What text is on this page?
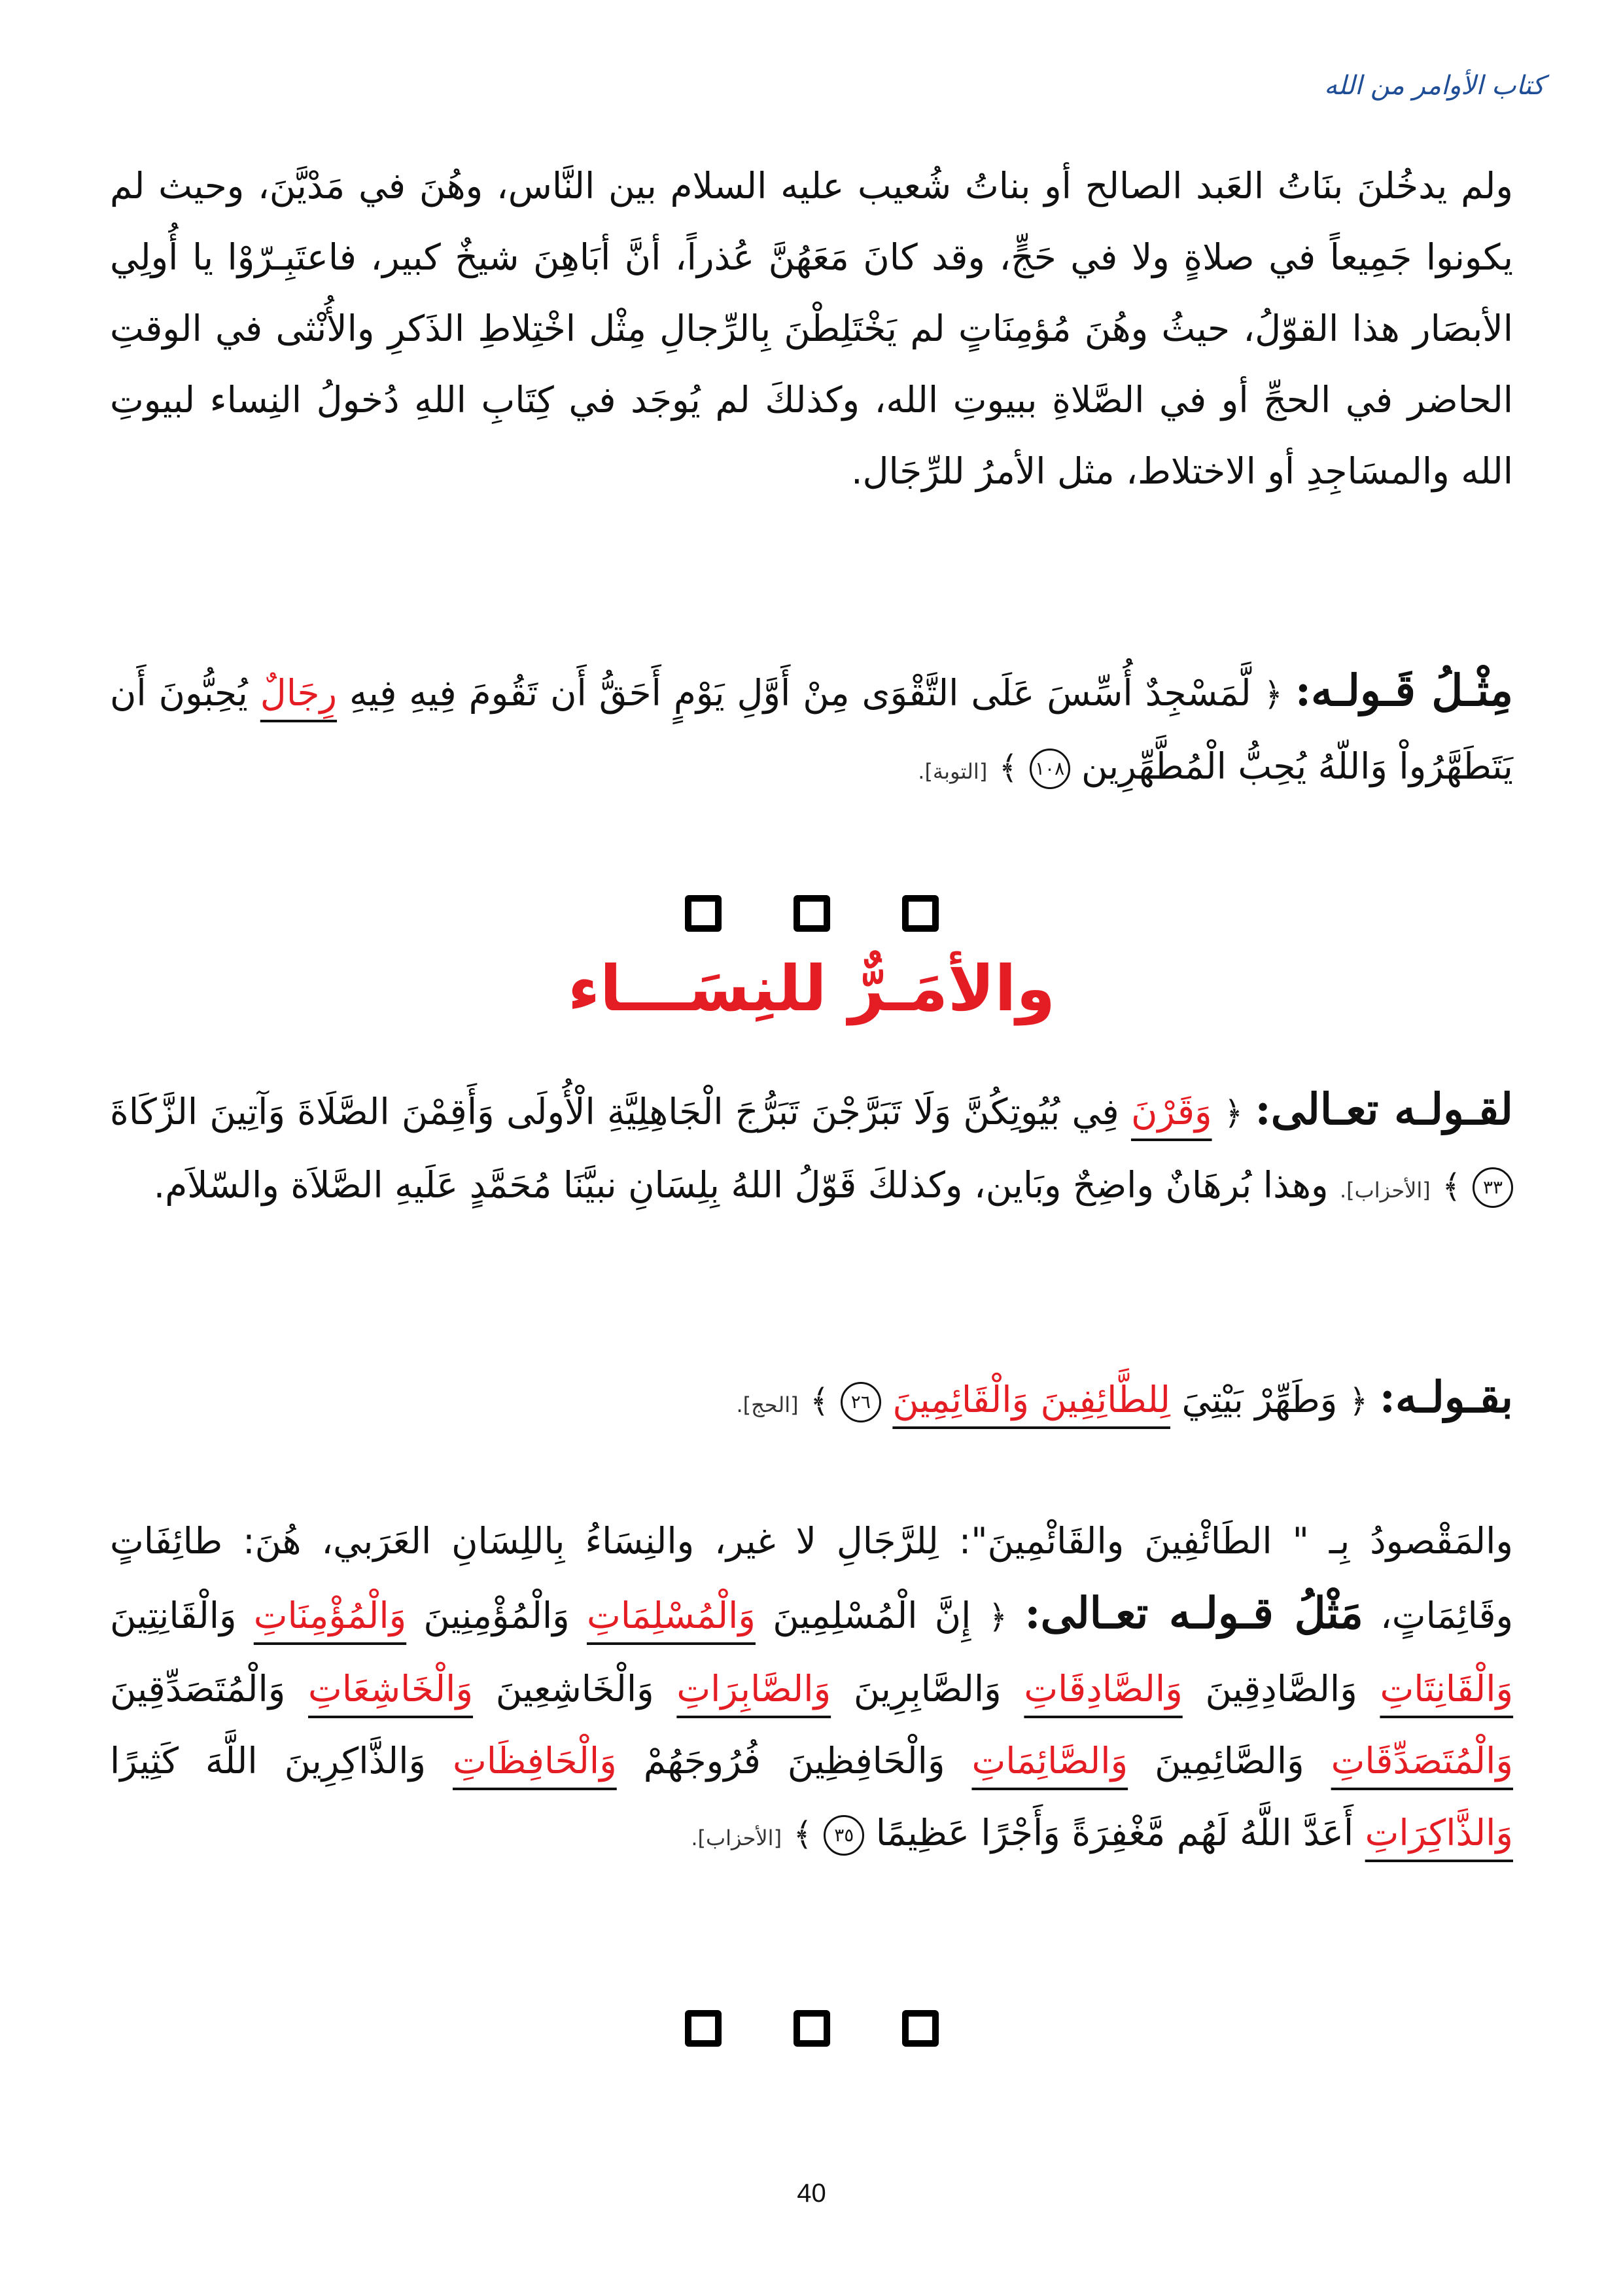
كتاب الأوامر من الله
ولم يدخُلنَ بنَاتُ العَبد الصالح أو بناتُ شُعيب عليه السلام بين النَّاس، وهُنَ في مَدْيَّنَ، وحيث لم يكونوا جَمِيعاً في صلاةٍ ولا في حَجٍّ، وقد كانَ مَعَهُنَّ عُذراً، أنَّ أبَاهِنَ شيخٌ كبير، فاعتَبِـرّوْا يا أُولِي الأبصَار هذا القوّلُ، حيثُ وهُنَ مُؤمِنَاتٍ لم يَخْتَلِطْنَ بِالرِّجالِ مِثْل اخْتِلاطِ الذَكرِ والأُنْثى في الوقتِ الحاضر في الحجِّ أو في الصَّلاةِ ببيوتِ الله، وكذلكَ لم يُوجَد في كِتَابِ اللهِ دُخولُ النِساء لبيوتِ الله والمسَاجِدِ أو الاختلاط، مثل الأمرُ للرِّجَال.
مِثْـلُ قَـولـه: ﴿ لَّمَسْجِدٌ أُسِّسَ عَلَى التَّقْوَى مِنْ أَوَّلِ يَوْمٍ أَحَقُّ أَن تَقُومَ فِيهِ فِيهِ رِجَالٌ يُحِبُّونَ أَن يَتَطَهَّرُواْ وَاللّهُ يُحِبُّ الْمُطَّهِّرِين ١٠٨ ﴾ [التوبة].
والأمَـرٌّ للنِسَـــاء
لقـولـه تعـالى: ﴿ وَقَرْنَ فِي بُيُوتِكُنَّ وَلَا تَبَرَّجْنَ تَبَرُّجَ الْجَاهِلِيَّةِ الْأُولَى وَأَقِمْنَ الصَّلَاةَ وَآتِينَ الزَّكَاةَ ٣٣ ﴾ [الأحزاب]. وهذا بُرهَانٌ واضِحٌ وبَاين، وكذلكَ قَوّلُ اللهُ بِلِسَانِ نبيَّنَا مُحَمَّدٍ عَلَيهِ الصَّلاَة والسّلاَم.
بقـولـه: ﴿ وَطَهِّرْ بَيْتِيَ لِلطَّائِفِينَ وَالْقَائِمِينَ ٢٦ ﴾ [الحج].
والمَقْصودُ بِـ " الطَائْفِينَ والقَائْمِينَ": لِلرَّجَالِ لا غير، والنِسَاءُ بِاللِسَانِ العَرَبي، هُنَ: طائِفَاتٍ وقَائِمَاتٍ، مَثْلُ قـولـه تعـالى: ﴿ إِنَّ الْمُسْلِمِينَ وَالْمُسْلِمَاتِ وَالْمُؤْمِنِينَ وَالْمُؤْمِنَاتِ وَالْقَانِتِينَ وَالْقَانِتَاتِ وَالصَّادِقِينَ وَالصَّادِقَاتِ وَالصَّابِرِينَ وَالصَّابِرَاتِ وَالْخَاشِعِينَ وَالْخَاشِعَاتِ وَالْمُتَصَدِّقِينَ وَالْمُتَصَدِّقَاتِ وَالصَّائِمِينَ وَالصَّائِمَاتِ وَالْحَافِظِينَ فُرُوجَهُمْ وَالْحَافِظَاتِ وَالذَّاكِرِينَ اللَّهَ كَثِيرًا وَالذَّاكِرَاتِ أَعَدَّ اللَّهُ لَهُم مَّغْفِرَةً وَأَجْرًا عَظِيمًا ٣٥ ﴾ [الأحزاب].
40
